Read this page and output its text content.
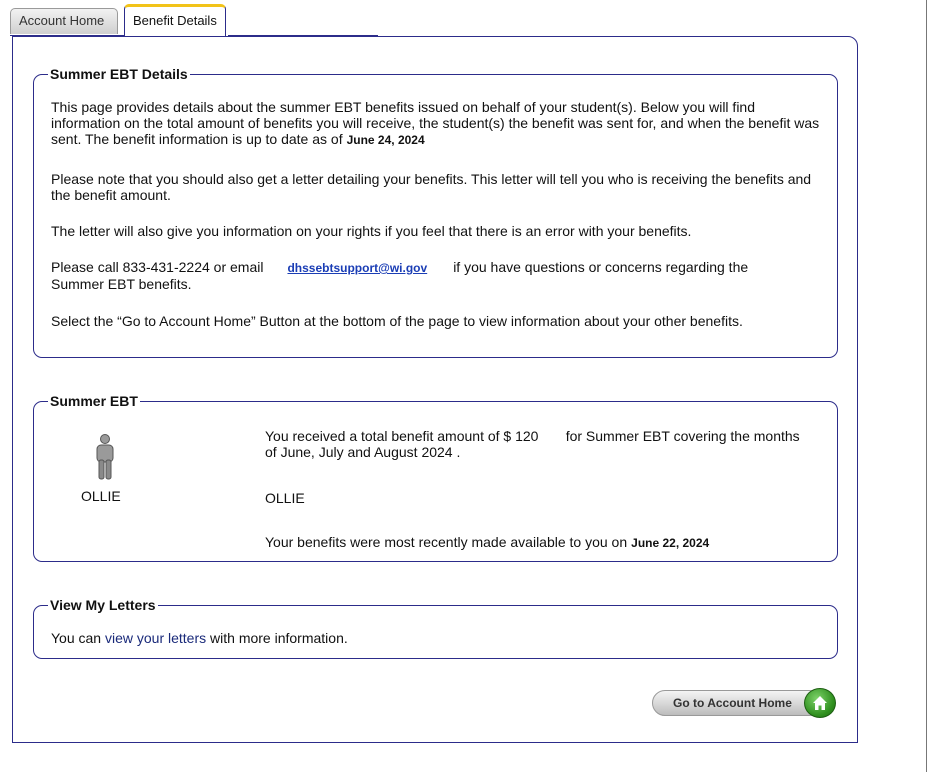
Account Home	Benefit Details
Summer EBT Details
This page provides details about the summer EBT benefits issued on behalf of your student(s). Below you will find information on the total amount of benefits you will receive, the student(s) the benefit was sent for, and when the benefit was sent. The benefit information is up to date as of June 24, 2024
Please note that you should also get a letter detailing your benefits. This letter will tell you who is receiving the benefits and the benefit amount.
The letter will also give you information on your rights if you feel that there is an error with your benefits.
Please call 833-431-2224 or email dhssebtsupport@wi.gov if you have questions or concerns regarding the Summer EBT benefits.
Select the “Go to Account Home” Button at the bottom of the page to view information about your other benefits.
Summer EBT
OLLIE
You received a total benefit amount of $ 120 for Summer EBT covering the months of June, July and August 2024 .
OLLIE
Your benefits were most recently made available to you on June 22, 2024
View My Letters
You can view your letters with more information.
Go to Account Home
